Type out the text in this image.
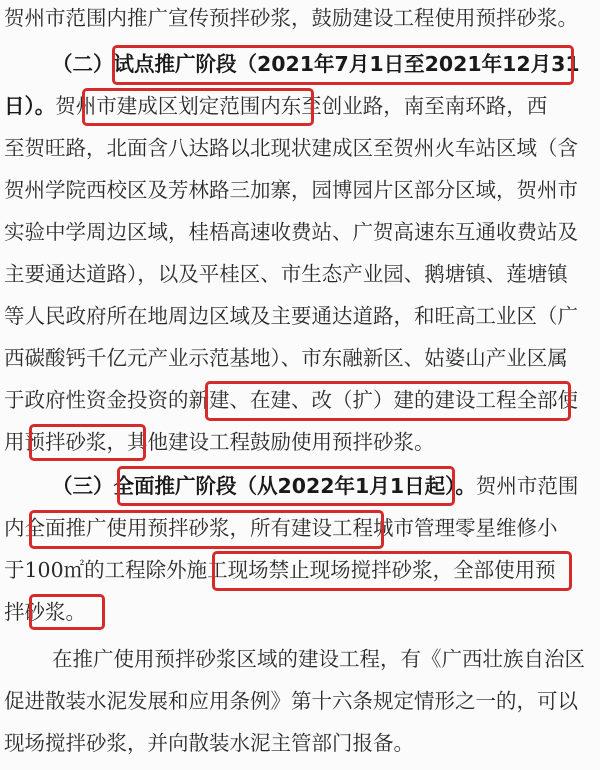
贺州市范围内推广宣传预拌砂浆，鼓励建设工程使用预拌砂浆。
（二）试点推广阶段（2021年7月1日至2021年12月31
日）。贺州市建成区划定范围内东至创业路，南至南环路，西
至贺旺路，北面含八达路以北现状建成区至贺州火车站区域（含
贺州学院西校区及芳林路三加寨，园博园片区部分区域，贺州市
实验中学周边区域，桂梧高速收费站、广贺高速东互通收费站及
主要通达道路），以及平桂区、市生态产业园、鹅塘镇、莲塘镇
等人民政府所在地周边区域及主要通达道路，和旺高工业区（广
西碳酸钙千亿元产业示范基地）、市东融新区、姑婆山产业区属
于政府性资金投资的新建、在建、改（扩）建的建设工程全部使
用预拌砂浆，其他建设工程鼓励使用预拌砂浆。
（三）全面推广阶段（从2022年1月1日起）。贺州市范围
内全面推广使用预拌砂浆，所有建设工程城市管理零星维修小
于100㎡的工程除外施工现场禁止现场搅拌砂浆，全部使用预
拌砂浆。
在推广使用预拌砂浆区域的建设工程，有《广西壮族自治区
促进散装水泥发展和应用条例》第十六条规定情形之一的，可以
现场搅拌砂浆，并向散装水泥主管部门报备。
